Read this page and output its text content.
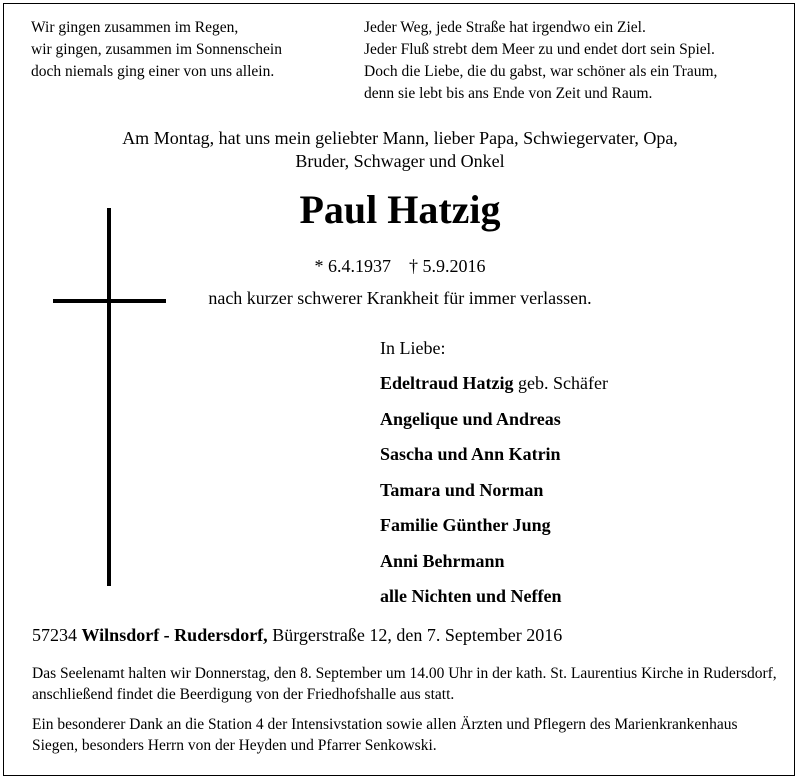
Wir gingen zusammen im Regen,
wir gingen, zusammen im Sonnenschein
doch niemals ging einer von uns allein.
Jeder Weg, jede Straße hat irgendwo ein Ziel.
Jeder Fluß strebt dem Meer zu und endet dort sein Spiel.
Doch die Liebe, die du gabst, war schöner als ein Traum,
denn sie lebt bis ans Ende von Zeit und Raum.
Am Montag, hat uns mein geliebter Mann, lieber Papa, Schwiegervater, Opa,
Bruder, Schwager und Onkel
Paul Hatzig
* 6.4.1937 † 5.9.2016
nach kurzer schwerer Krankheit für immer verlassen.
In Liebe:
Edeltraud Hatzig geb. Schäfer
Angelique und Andreas
Sascha und Ann Katrin
Tamara und Norman
Familie Günther Jung
Anni Behrmann
alle Nichten und Neffen
57234 Wilnsdorf - Rudersdorf, Bürgerstraße 12, den 7. September 2016
Das Seelenamt halten wir Donnerstag, den 8. September um 14.00 Uhr in der kath. St. Laurentius Kirche in Rudersdorf, anschließend findet die Beerdigung von der Friedhofshalle aus statt.
Ein besonderer Dank an die Station 4 der Intensivstation sowie allen Ärzten und Pflegern des Marienkrankenhaus Siegen, besonders Herrn von der Heyden und Pfarrer Senkowski.
